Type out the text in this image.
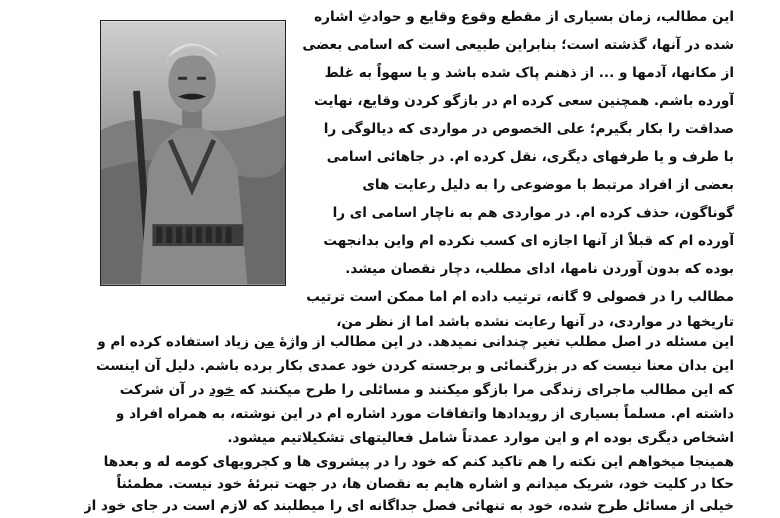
این مطالب، زمان بسیاری از مقطع وقوع وقایع و حوادثِ اشاره
شده در آنها، گذشته است؛ بنابراین طبیعی است که اسامی بعضی
از مکانها، آدمها و ... از ذهنم پاک شده باشد و یا سهواً به غلط
آورده باشم. همچنین سعی کرده ام در بازگو کردن وقایع، نهایت
صداقت را بکار بگیرم؛ علی الخصوص در مواردی که دیالوگی را
با طرف و یا طرفهای دیگری، نقل کرده ام. در جاهائی اسامی
بعضی از افراد مرتبط با موضوعی را به دلیل رعایت های
گوناگون، حذف کرده ام. در مواردی هم به ناچار اسامی ای را
آورده ام که قبلاً از آنها اجازه ای کسب نکرده ام واین بدانجهت
بوده که بدون آوردن نامها، ادای مطلب، دچار نقصان میشد.
مطالب را در فصولی 9 گانه، ترتیب داده ام اما ممکن است ترتیب
تاریخها در مواردی، در آنها رعایت نشده باشد اما از نظر من،
این مسئله در اصل مطلب تغیر چندانی نمیدهد. در این مطالب از واژهٔ من زیاد استفاده کرده ام و
این بدان معنا نیست که در بزرگنمائی و برجسته کردن خود عمدی بکار برده باشم. دلیل آن اینست
که این مطالب ماجرای زندگی مرا بازگو میکنند و مسائلی را طرح میکنند که خود در آن شرکت
داشته ام. مسلماً بسیاری از رویدادها واتفاقات مورد اشاره ام در این نوشته، به همراه افراد و
اشخاص دیگری بوده ام و این موارد عمدتاً شامل فعالیتهای تشکیلاتیم میشود.
همینجا میخواهم این نکته را هم تاکید کنم که خود را در پیشروی ها و کجرویهای کومه له و بعدها
حکا در کلیت خود، شریک میدانم و اشاره هایم به نقصان ها، در جهت تبرئهٔ خود نیست. مطمئناً
خیلی از مسائل طرح شده، خود به تنهائی فصل جداگانه ای را میطلبند که لازم است در جای خود از
